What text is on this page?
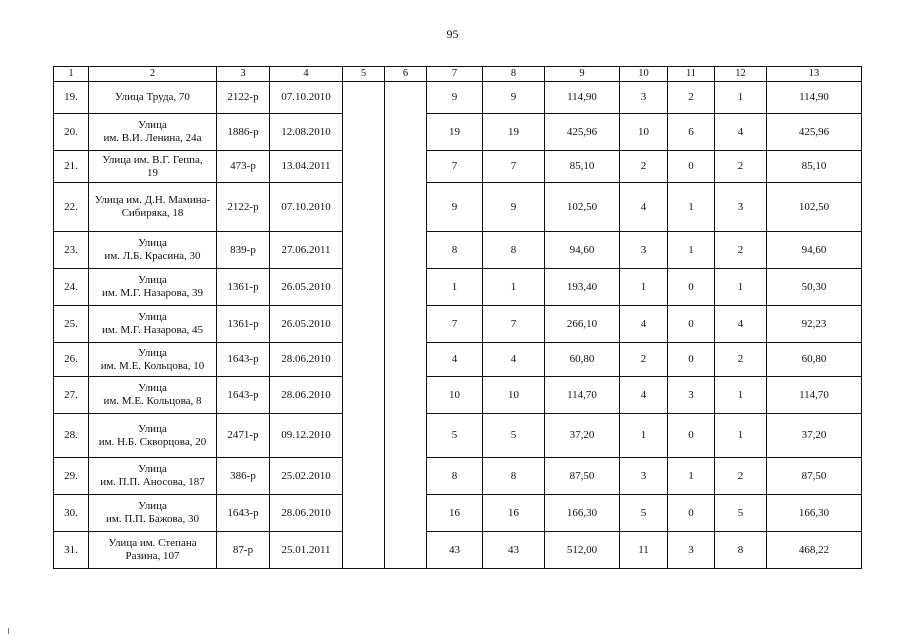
95
1	2	3	4	5	6	7	8	9	10	11	12	13
19.	Улица Труда, 70	2122-р	07.10.2010			9	9	114,90	3	2	1	114,90
20.	Улица
им. В.И. Ленина, 24а	1886-р	12.08.2010			19	19	425,96	10	6	4	425,96
21.	Улица им. В.Г. Геппа,
19	473-р	13.04.2011			7	7	85,10	2	0	2	85,10
22.	Улица им. Д.Н. Мамина-
Сибиряка, 18	2122-р	07.10.2010			9	9	102,50	4	1	3	102,50
23.	Улица
им. Л.Б. Красина, 30	839-р	27.06.2011			8	8	94,60	3	1	2	94,60
24.	Улица
им. М.Г. Назарова, 39	1361-р	26.05.2010			1	1	193,40	1	0	1	50,30
25.	Улица
им. М.Г. Назарова, 45	1361-р	26.05.2010			7	7	266,10	4	0	4	92,23
26.	Улица
им. М.Е. Кольцова, 10	1643-р	28.06.2010			4	4	60,80	2	0	2	60,80
27.	Улица
им. М.Е. Кольцова, 8	1643-р	28.06.2010			10	10	114,70	4	3	1	114,70
28.	Улица
им. Н.Б. Скворцова, 20	2471-р	09.12.2010			5	5	37,20	1	0	1	37,20
29.	Улица
им. П.П. Аносова, 187	386-р	25.02.2010			8	8	87,50	3	1	2	87,50
30.	Улица
им. П.П. Бажова, 30	1643-р	28.06.2010			16	16	166,30	5	0	5	166,30
31.	Улица им. Степана
Разина, 107	87-р	25.01.2011			43	43	512,00	11	3	8	468,22
